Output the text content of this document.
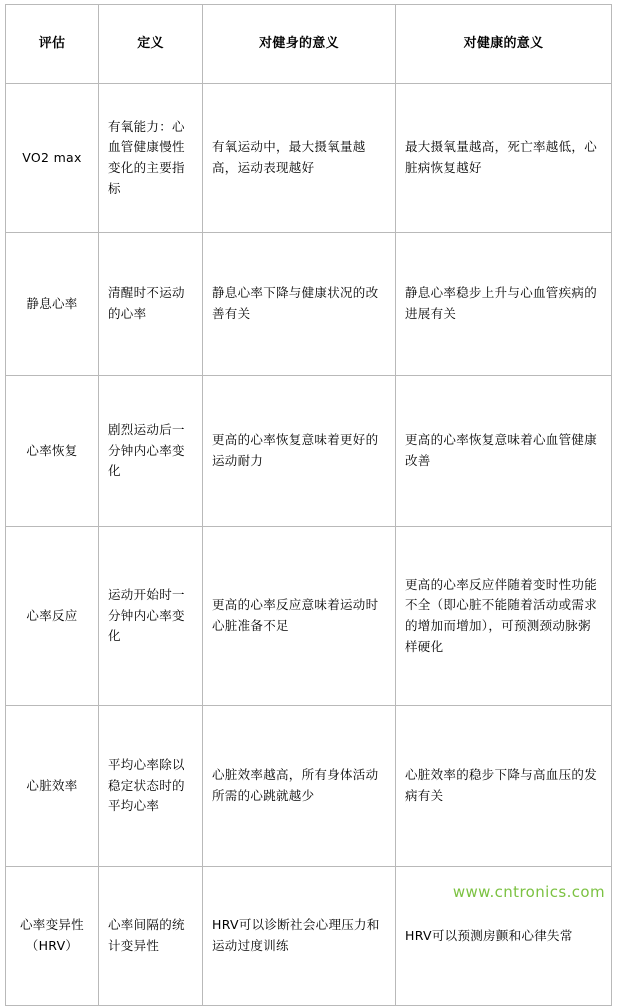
评估	定义	对健身的意义	对健康的意义
VO2 max	有氧能力：心血管健康慢性变化的主要指标	有氧运动中，最大摄氧量越高，运动表现越好	最大摄氧量越高，死亡率越低，心脏病恢复越好
静息心率	清醒时不运动的心率	静息心率下降与健康状况的改善有关	静息心率稳步上升与心血管疾病的进展有关
心率恢复	剧烈运动后一分钟内心率变化	更高的心率恢复意味着更好的运动耐力	更高的心率恢复意味着心血管健康改善
心率反应	运动开始时一分钟内心率变化	更高的心率反应意味着运动时心脏准备不足	更高的心率反应伴随着变时性功能不全（即心脏不能随着活动或需求的增加而增加），可预测颈动脉粥样硬化
心脏效率	平均心率除以稳定状态时的平均心率	心脏效率越高，所有身体活动所需的心跳就越少	心脏效率的稳步下降与高血压的发病有关
心率变异性（HRV）	心率间隔的统计变异性	HRV可以诊断社会心理压力和运动过度训练	HRV可以预测房颤和心律失常
www.cntronics.com
